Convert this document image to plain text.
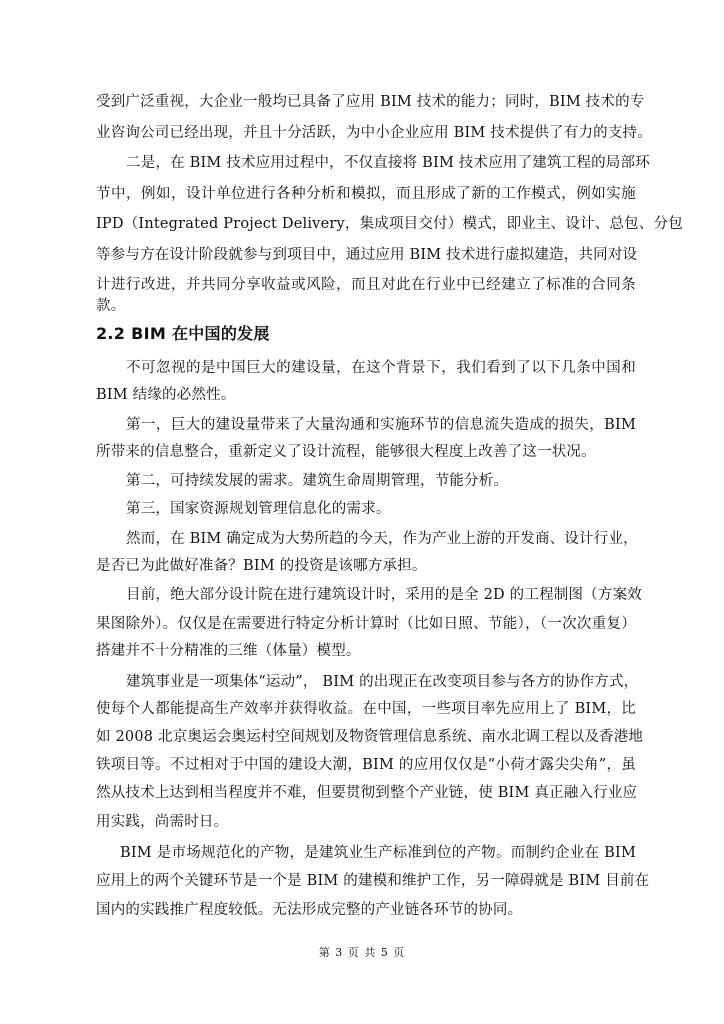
受到广泛重视，大企业一般均已具备了应用 BIM 技术的能力；同时，BIM 技术的专
业咨询公司已经出现，并且十分活跃，为中小企业应用 BIM 技术提供了有力的支持。
二是，在 BIM 技术应用过程中，不仅直接将 BIM 技术应用了建筑工程的局部环
节中，例如，设计单位进行各种分析和模拟，而且形成了新的工作模式，例如实施
IPD（Integrated Project Delivery，集成项目交付）模式，即业主、设计、总包、分包
等参与方在设计阶段就参与到项目中，通过应用 BIM 技术进行虚拟建造，共同对设
计进行改进，并共同分享收益或风险，而且对此在行业中已经建立了标准的合同条
款。
2.2 BIM 在中国的发展
不可忽视的是中国巨大的建设量，在这个背景下，我们看到了以下几条中国和
BIM 结缘的必然性。
第一，巨大的建设量带来了大量沟通和实施环节的信息流失造成的损失，BIM
所带来的信息整合，重新定义了设计流程，能够很大程度上改善了这一状况。
第二，可持续发展的需求。建筑生命周期管理，节能分析。
第三，国家资源规划管理信息化的需求。
然而，在 BIM 确定成为大势所趋的今天，作为产业上游的开发商、设计行业，
是否已为此做好准备？BIM 的投资是该哪方承担。
目前，绝大部分设计院在进行建筑设计时，采用的是全 2D 的工程制图（方案效
果图除外）。仅仅是在需要进行特定分析计算时（比如日照、节能），（一次次重复）
搭建并不十分精准的三维（体量）模型。
建筑事业是一项集体“运动”， BIM 的出现正在改变项目参与各方的协作方式，
使每个人都能提高生产效率并获得收益。在中国，一些项目率先应用上了 BIM，比
如 2008 北京奥运会奥运村空间规划及物资管理信息系统、南水北调工程以及香港地
铁项目等。不过相对于中国的建设大潮，BIM 的应用仅仅是“小荷才露尖尖角”，虽
然从技术上达到相当程度并不难，但要贯彻到整个产业链，使 BIM 真正融入行业应
用实践，尚需时日。
BIM 是市场规范化的产物，是建筑业生产标准到位的产物。而制约企业在 BIM
应用上的两个关键环节是一个是 BIM 的建模和维护工作，另一障碍就是 BIM 目前在
国内的实践推广程度较低。无法形成完整的产业链各环节的协同。
第 3 页 共 5 页
